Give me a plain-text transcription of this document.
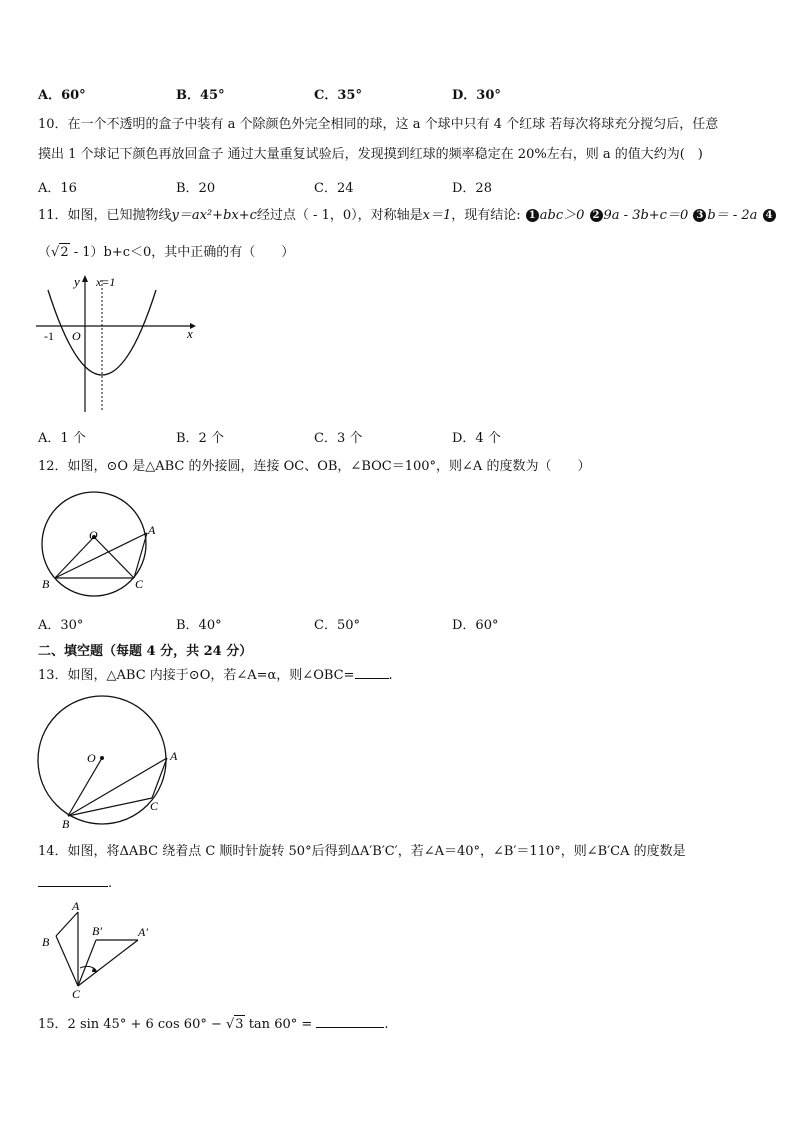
A．60°	B．45°	C．35°	D．30°
10．在一个不透明的盒子中装有 a 个除颜色外完全相同的球，这 a 个球中只有 4 个红球 若每次将球充分搅匀后，任意
摸出 1 个球记下颜色再放回盒子 通过大量重复试验后，发现摸到红球的频率稳定在 20%左右，则 a 的值大约为(　)
A．16	B．20	C．24	D．28
11．如图，已知抛物线y＝ax²+bx+c经过点（ - 1，0），对称轴是x＝1，现有结论: 1 abc＞0 2 9a - 3b+c＝0 3 b＝ - 2a 4
（√2 - 1）b+c＜0，其中正确的有（　　）
y
x
x=1
-1 O
A．1 个	B．2 个	C．3 个	D．4 个
12．如图，⊙O 是△ABC 的外接圆，连接 OC、OB，∠BOC＝100°，则∠A 的度数为（　　）
O	A
B	C
A．30°	B．40°	C．50°	D．60°
二、填空题（每题 4 分，共 24 分）
13．如图，△ABC 内接于⊙O，若∠A=α，则∠OBC=	.
O	A
B
C
14．如图，将ΔABC 绕着点 C 顺时针旋转 50°后得到ΔA′B′C′，若∠A＝40°，∠B′＝110°，则∠B′CA 的度数是
.
A
B
C
B′	A′
15．2 sin 45° + 6 cos 60° − √3 tan 60° =	.
